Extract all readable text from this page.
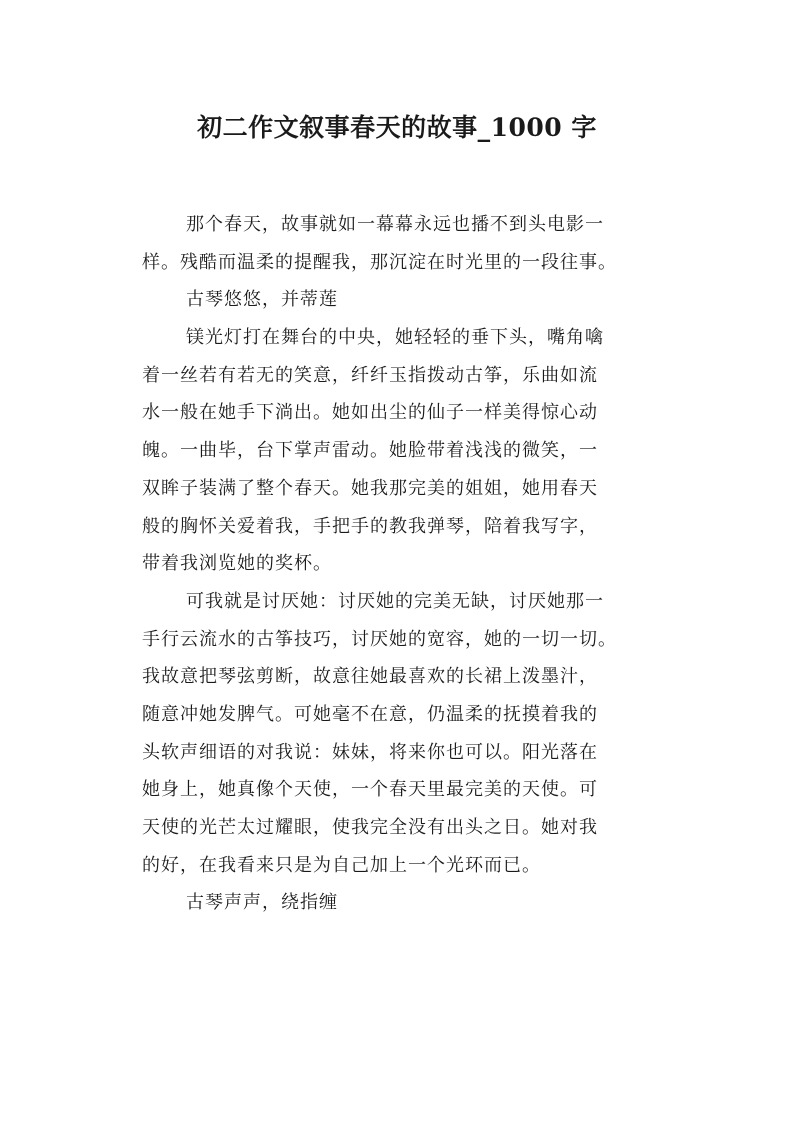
初二作文叙事春天的故事_1000 字
那个春天，故事就如一幕幕永远也播不到头电影一
样。残酷而温柔的提醒我，那沉淀在时光里的一段往事。
古琴悠悠，并蒂莲
镁光灯打在舞台的中央，她轻轻的垂下头，嘴角噙
着一丝若有若无的笑意，纤纤玉指拨动古筝，乐曲如流
水一般在她手下淌出。她如出尘的仙子一样美得惊心动
魄。一曲毕，台下掌声雷动。她脸带着浅浅的微笑，一
双眸子装满了整个春天。她我那完美的姐姐，她用春天
般的胸怀关爱着我，手把手的教我弹琴，陪着我写字，
带着我浏览她的奖杯。
可我就是讨厌她：讨厌她的完美无缺，讨厌她那一
手行云流水的古筝技巧，讨厌她的宽容，她的一切一切。
我故意把琴弦剪断，故意往她最喜欢的长裙上泼墨汁，
随意冲她发脾气。可她毫不在意，仍温柔的抚摸着我的
头软声细语的对我说：妹妹，将来你也可以。阳光落在
她身上，她真像个天使，一个春天里最完美的天使。可
天使的光芒太过耀眼，使我完全没有出头之日。她对我
的好，在我看来只是为自己加上一个光环而已。
古琴声声，绕指缠
